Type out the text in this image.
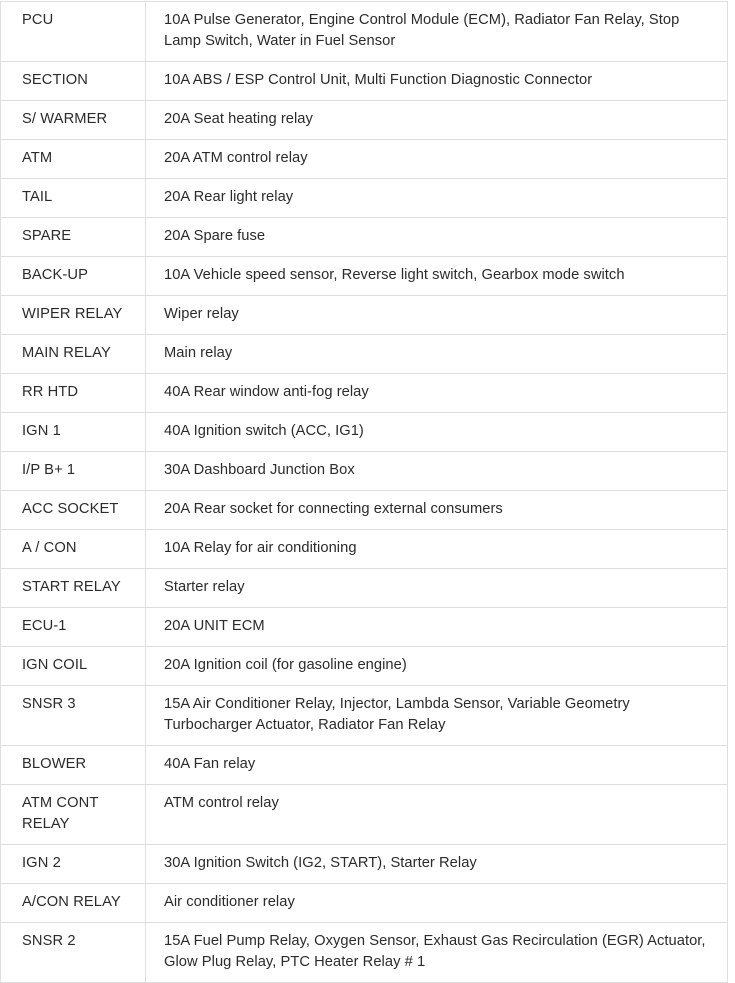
PCU	10A Pulse Generator, Engine Control Module (ECM), Radiator Fan Relay, Stop Lamp Switch, Water in Fuel Sensor
SECTION	10A ABS / ESP Control Unit, Multi Function Diagnostic Connector
S/ WARMER	20A Seat heating relay
ATM	20A ATM control relay
TAIL	20A Rear light relay
SPARE	20A Spare fuse
BACK-UP	10A Vehicle speed sensor, Reverse light switch, Gearbox mode switch
WIPER RELAY	Wiper relay
MAIN RELAY	Main relay
RR HTD	40A Rear window anti-fog relay
IGN 1	40A Ignition switch (ACC, IG1)
I/P B+ 1	30A Dashboard Junction Box
ACC SOCKET	20A Rear socket for connecting external consumers
A / CON	10A Relay for air conditioning
START RELAY	Starter relay
ECU-1	20A UNIT ECM
IGN COIL	20A Ignition coil (for gasoline engine)
SNSR 3	15A Air Conditioner Relay, Injector, Lambda Sensor, Variable Geometry Turbocharger Actuator, Radiator Fan Relay
BLOWER	40A Fan relay
ATM CONT RELAY	ATM control relay
IGN 2	30A Ignition Switch (IG2, START), Starter Relay
A/CON RELAY	Air conditioner relay
SNSR 2	15A Fuel Pump Relay, Oxygen Sensor, Exhaust Gas Recirculation (EGR) Actuator, Glow Plug Relay, PTC Heater Relay # 1
